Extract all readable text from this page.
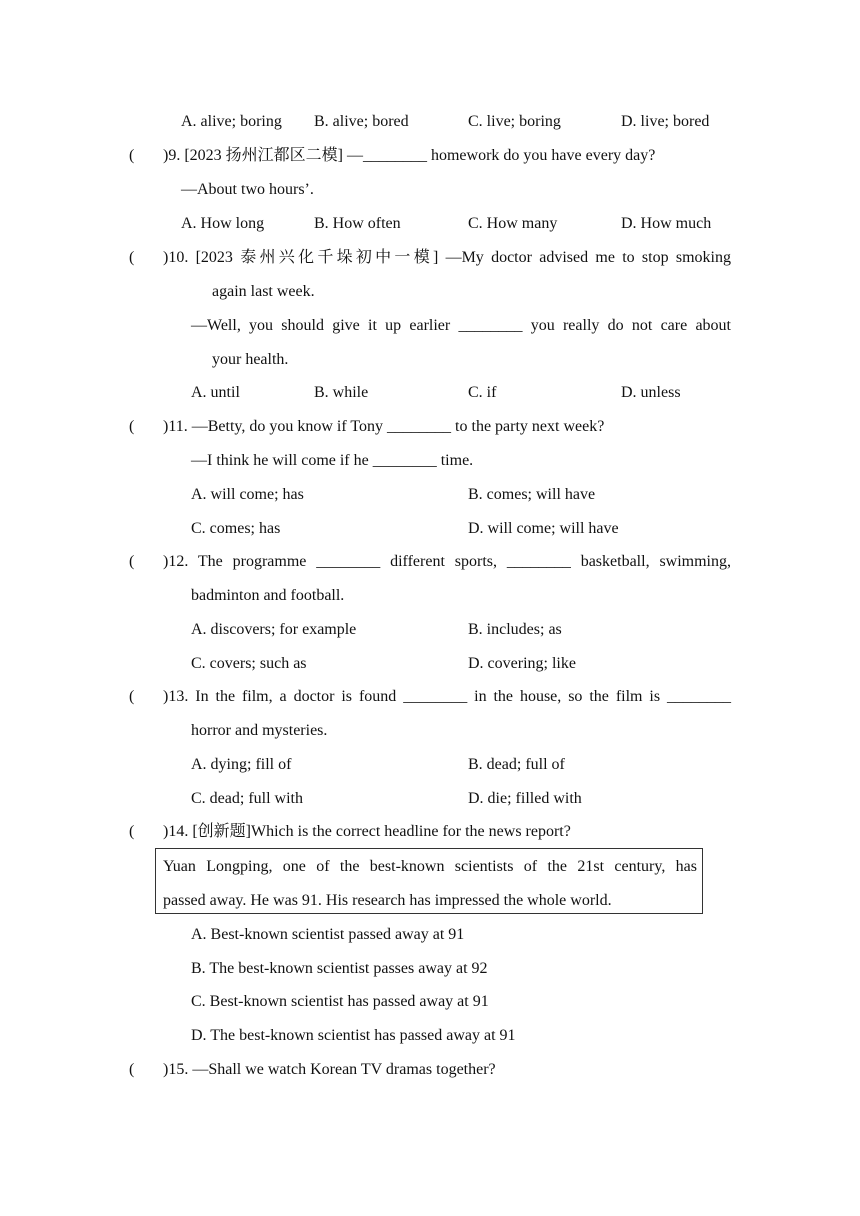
A. alive; boring B. alive; bored	C. live; boring	D. live; bored
( )9. [2023 扬州江都区二模] —________ homework do you have every day?
—About two hours’.
A. How long	B. How often	C. How many	D. How much
( )10. [2023 泰州兴化千垛初中一模] —My doctor advised me to stop smoking
again last week.
—Well, you should give it up earlier ________ you really do not care about
your health.
A. until	B. while	C. if	D. unless
( )11. —Betty, do you know if Tony ________ to the party next week?
—I think he will come if he ________ time.
A. will come; has	B. comes; will have
C. comes; has	D. will come; will have
( )12. The programme ________ different sports, ________ basketball, swimming,
badminton and football.
A. discovers; for example	B. includes; as
C. covers; such as	D. covering; like
( )13. In the film, a doctor is found ________ in the house, so the film is ________
horror and mysteries.
A. dying; fill of	B. dead; full of
C. dead; full with	D. die; filled with
( )14. [创新题]Which is the correct headline for the news report?
Yuan Longping, one of the best-known scientists of the 21st century, has
passed away. He was 91. His research has impressed the whole world.
A. Best-known scientist passed away at 91
B. The best-known scientist passes away at 92
C. Best-known scientist has passed away at 91
D. The best-known scientist has passed away at 91
( )15. —Shall we watch Korean TV dramas together?
